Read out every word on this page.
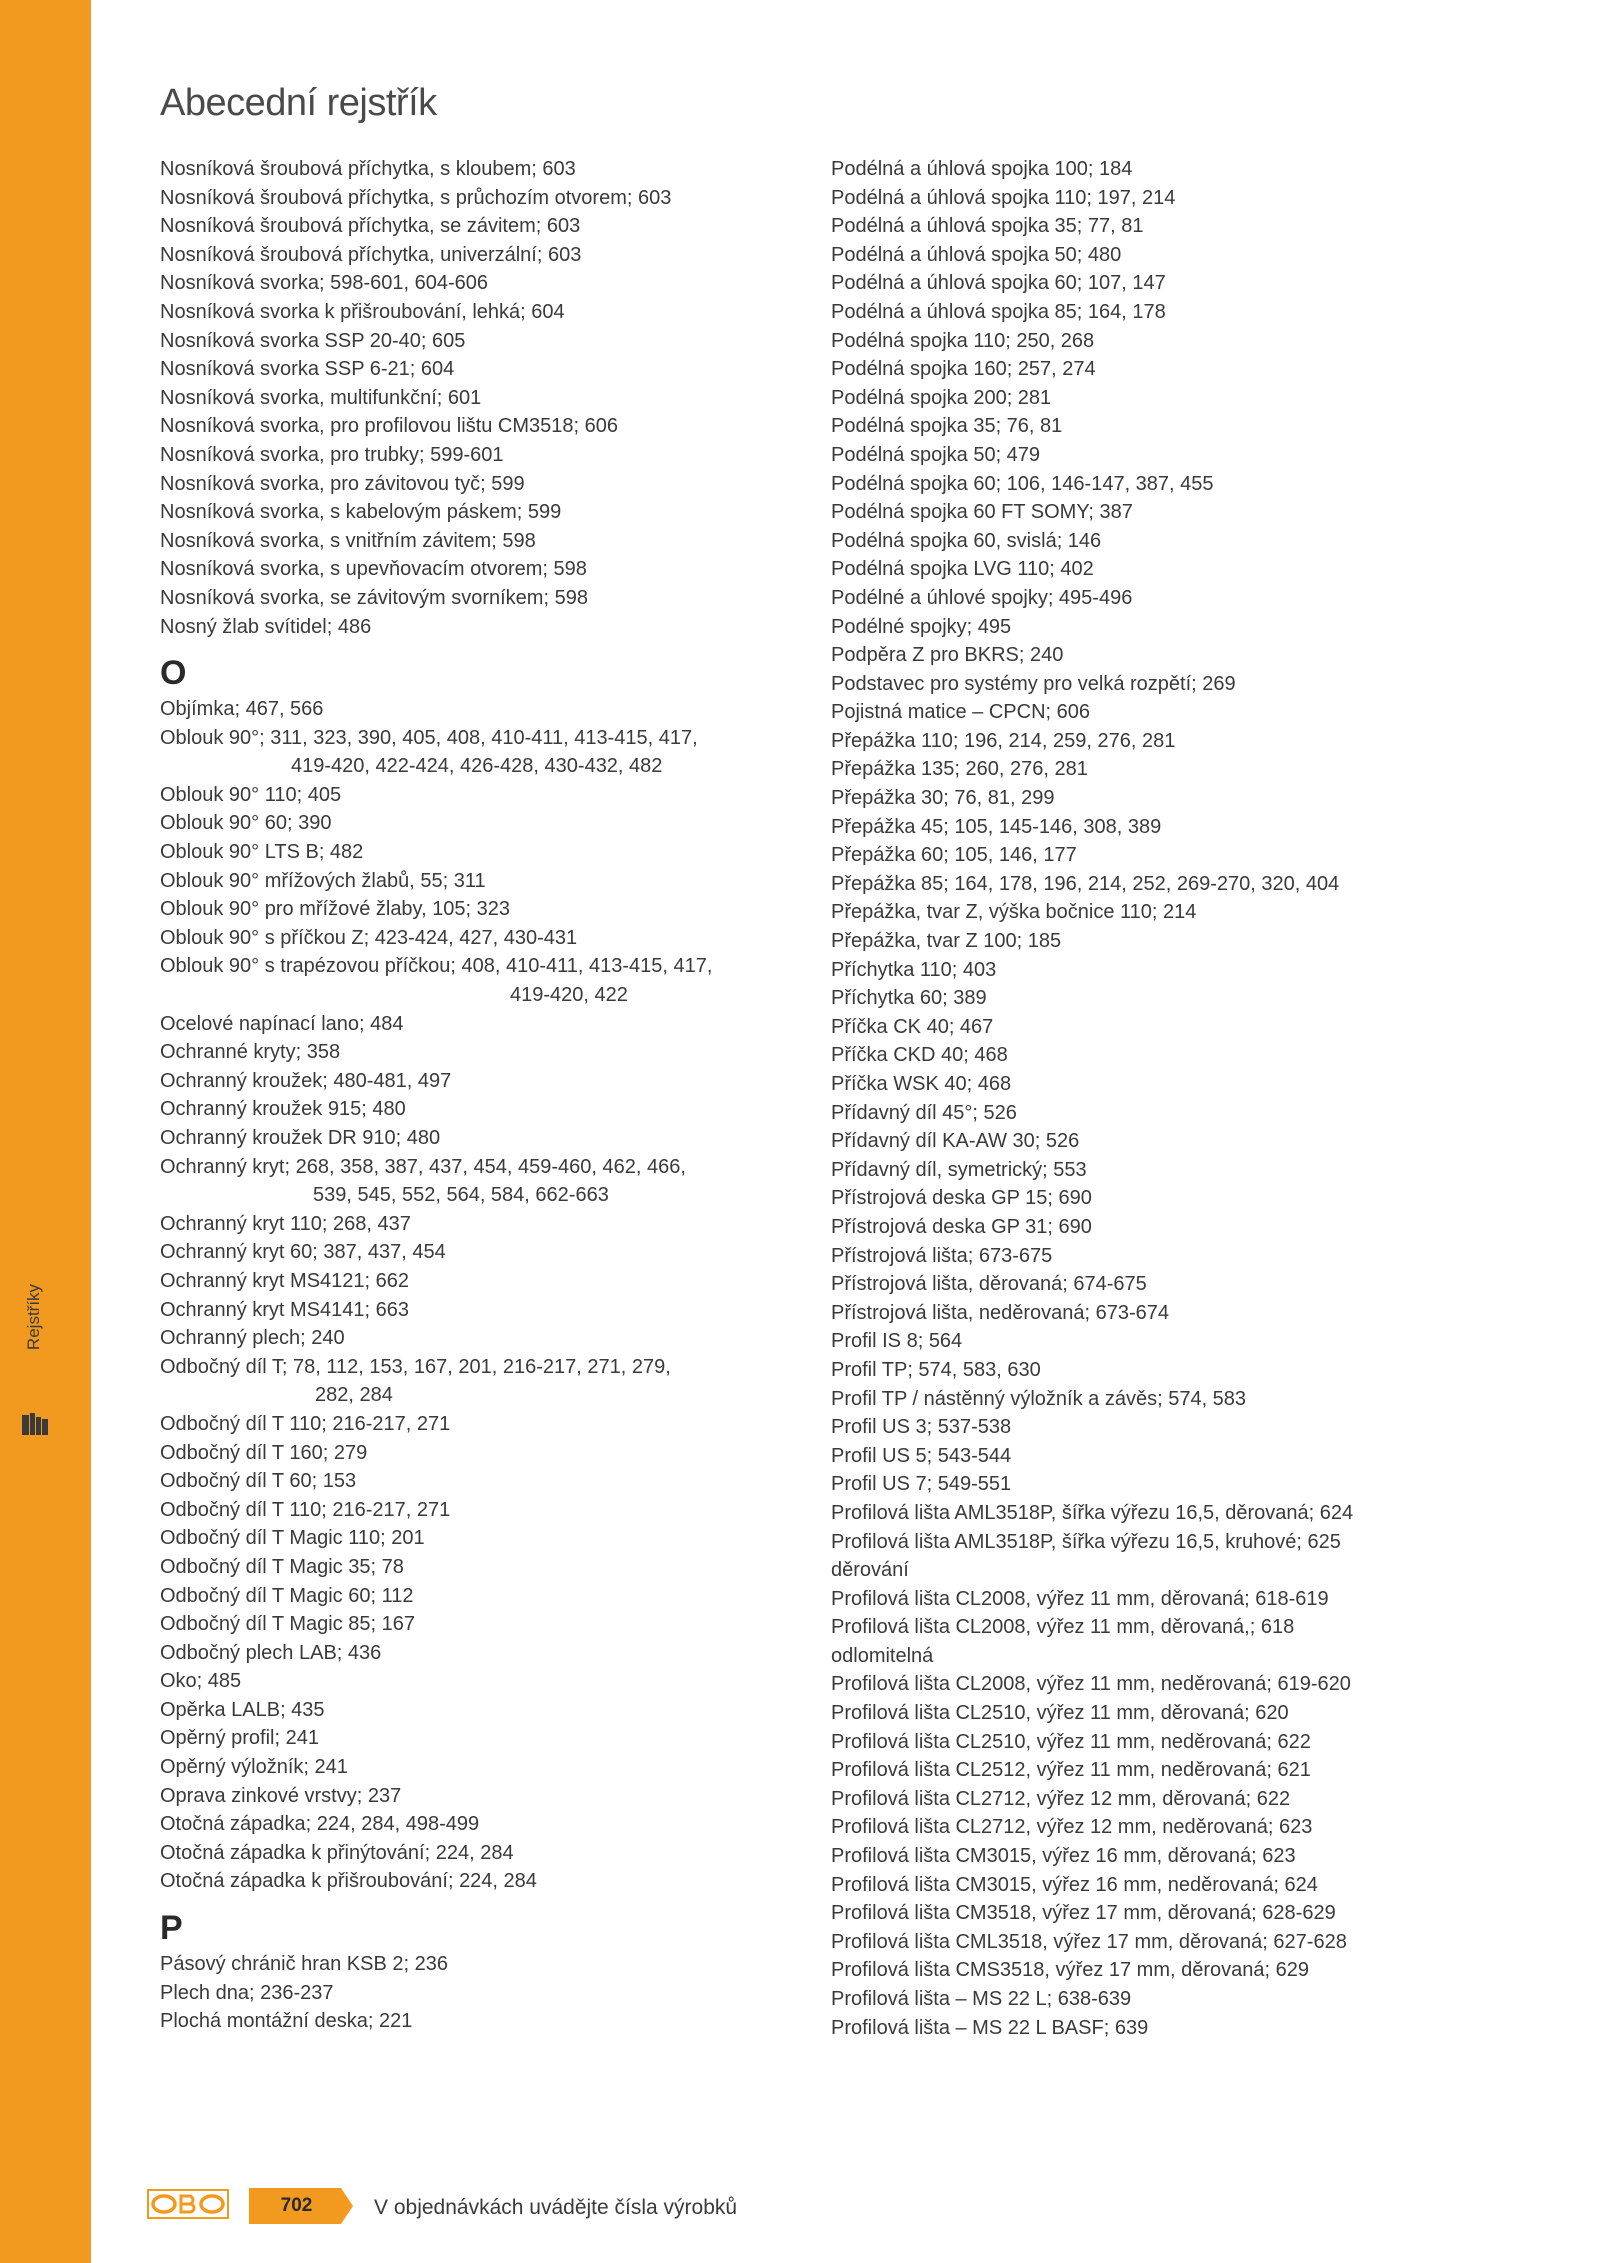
Rejstříky
Abecední rejstřík

Nosníková šroubová příchytka, s kloubem; 603

Nosníková šroubová příchytka, s průchozím otvorem; 603

Nosníková šroubová příchytka, se závitem; 603

Nosníková šroubová příchytka, univerzální; 603

Nosníková svorka; 598-601, 604-606

Nosníková svorka k přišroubování, lehká; 604

Nosníková svorka SSP 20-40; 605

Nosníková svorka SSP 6-21; 604

Nosníková svorka, multifunkční; 601

Nosníková svorka, pro profilovou lištu CM3518; 606

Nosníková svorka, pro trubky; 599-601

Nosníková svorka, pro závitovou tyč; 599

Nosníková svorka, s kabelovým páskem; 599

Nosníková svorka, s vnitřním závitem; 598

Nosníková svorka, s upevňovacím otvorem; 598

Nosníková svorka, se závitovým svorníkem; 598

Nosný žlab svítidel; 486

O

Objímka; 467, 566

Oblouk 90°; 311, 323, 390, 405, 408, 410-411, 413-415, 417,
419-420, 422-424, 426-428, 430-432, 482

Oblouk 90° 110; 405

Oblouk 90° 60; 390

Oblouk 90° LTS B; 482

Oblouk 90° mřížových žlabů, 55; 311

Oblouk 90° pro mřížové žlaby, 105; 323

Oblouk 90° s příčkou Z; 423-424, 427, 430-431

Oblouk 90° s trapézovou příčkou; 408, 410-411, 413-415, 417,
419-420, 422

Ocelové napínací lano; 484

Ochranné kryty; 358

Ochranný kroužek; 480-481, 497

Ochranný kroužek 915; 480

Ochranný kroužek DR 910; 480

Ochranný kryt; 268, 358, 387, 437, 454, 459-460, 462, 466,
539, 545, 552, 564, 584, 662-663

Ochranný kryt 110; 268, 437

Ochranný kryt 60; 387, 437, 454

Ochranný kryt MS4121; 662

Ochranný kryt MS4141; 663

Ochranný plech; 240

Odbočný díl T; 78, 112, 153, 167, 201, 216-217, 271, 279,
282, 284

Odbočný díl T 110; 216-217, 271

Odbočný díl T 160; 279

Odbočný díl T 60; 153

Odbočný díl T 110; 216-217, 271

Odbočný díl T Magic 110; 201

Odbočný díl T Magic 35; 78

Odbočný díl T Magic 60; 112

Odbočný díl T Magic 85; 167

Odbočný plech LAB; 436

Oko; 485

Opěrka LALB; 435

Opěrný profil; 241

Opěrný výložník; 241

Oprava zinkové vrstvy; 237

Otočná západka; 224, 284, 498-499

Otočná západka k přinýtování; 224, 284

Otočná západka k přišroubování; 224, 284

P

Pásový chránič hran KSB 2; 236

Plech dna; 236-237

Plochá montážní deska; 221

Podélná a úhlová spojka 100; 184

Podélná a úhlová spojka 110; 197, 214

Podélná a úhlová spojka 35; 77, 81

Podélná a úhlová spojka 50; 480

Podélná a úhlová spojka 60; 107, 147

Podélná a úhlová spojka 85; 164, 178

Podélná spojka 110; 250, 268

Podélná spojka 160; 257, 274

Podélná spojka 200; 281

Podélná spojka 35; 76, 81

Podélná spojka 50; 479

Podélná spojka 60; 106, 146-147, 387, 455

Podélná spojka 60 FT SOMY; 387

Podélná spojka 60, svislá; 146

Podélná spojka LVG 110; 402

Podélné a úhlové spojky; 495-496

Podélné spojky; 495

Podpěra Z pro BKRS; 240

Podstavec pro systémy pro velká rozpětí; 269

Pojistná matice – CPCN; 606

Přepážka 110; 196, 214, 259, 276, 281

Přepážka 135; 260, 276, 281

Přepážka 30; 76, 81, 299

Přepážka 45; 105, 145-146, 308, 389

Přepážka 60; 105, 146, 177

Přepážka 85; 164, 178, 196, 214, 252, 269-270, 320, 404

Přepážka, tvar Z, výška bočnice 110; 214

Přepážka, tvar Z 100; 185

Příchytka 110; 403

Příchytka 60; 389

Příčka CK 40; 467

Příčka CKD 40; 468

Příčka WSK 40; 468

Přídavný díl 45°; 526

Přídavný díl KA-AW 30; 526

Přídavný díl, symetrický; 553

Přístrojová deska GP 15; 690

Přístrojová deska GP 31; 690

Přístrojová lišta; 673-675

Přístrojová lišta, děrovaná; 674-675

Přístrojová lišta, neděrovaná; 673-674

Profil IS 8; 564

Profil TP; 574, 583, 630

Profil TP / nástěnný výložník a závěs; 574, 583

Profil US 3; 537-538

Profil US 5; 543-544

Profil US 7; 549-551

Profilová lišta AML3518P, šířka výřezu 16,5, děrovaná; 624

Profilová lišta AML3518P, šířka výřezu 16,5, kruhové; 625
děrování

Profilová lišta CL2008, výřez 11 mm, děrovaná; 618-619

Profilová lišta CL2008, výřez 11 mm, děrovaná,; 618
odlomitelná

Profilová lišta CL2008, výřez 11 mm, neděrovaná; 619-620

Profilová lišta CL2510, výřez 11 mm, děrovaná; 620

Profilová lišta CL2510, výřez 11 mm, neděrovaná; 622

Profilová lišta CL2512, výřez 11 mm, neděrovaná; 621

Profilová lišta CL2712, výřez 12 mm, děrovaná; 622

Profilová lišta CL2712, výřez 12 mm, neděrovaná; 623

Profilová lišta CM3015, výřez 16 mm, děrovaná; 623

Profilová lišta CM3015, výřez 16 mm, neděrovaná; 624

Profilová lišta CM3518, výřez 17 mm, děrovaná; 628-629

Profilová lišta CML3518, výřez 17 mm, děrovaná; 627-628

Profilová lišta CMS3518, výřez 17 mm, děrovaná; 629

Profilová lišta – MS 22 L; 638-639

Profilová lišta – MS 22 L BASF; 639

702	V objednávkách uvádějte čísla výrobků
